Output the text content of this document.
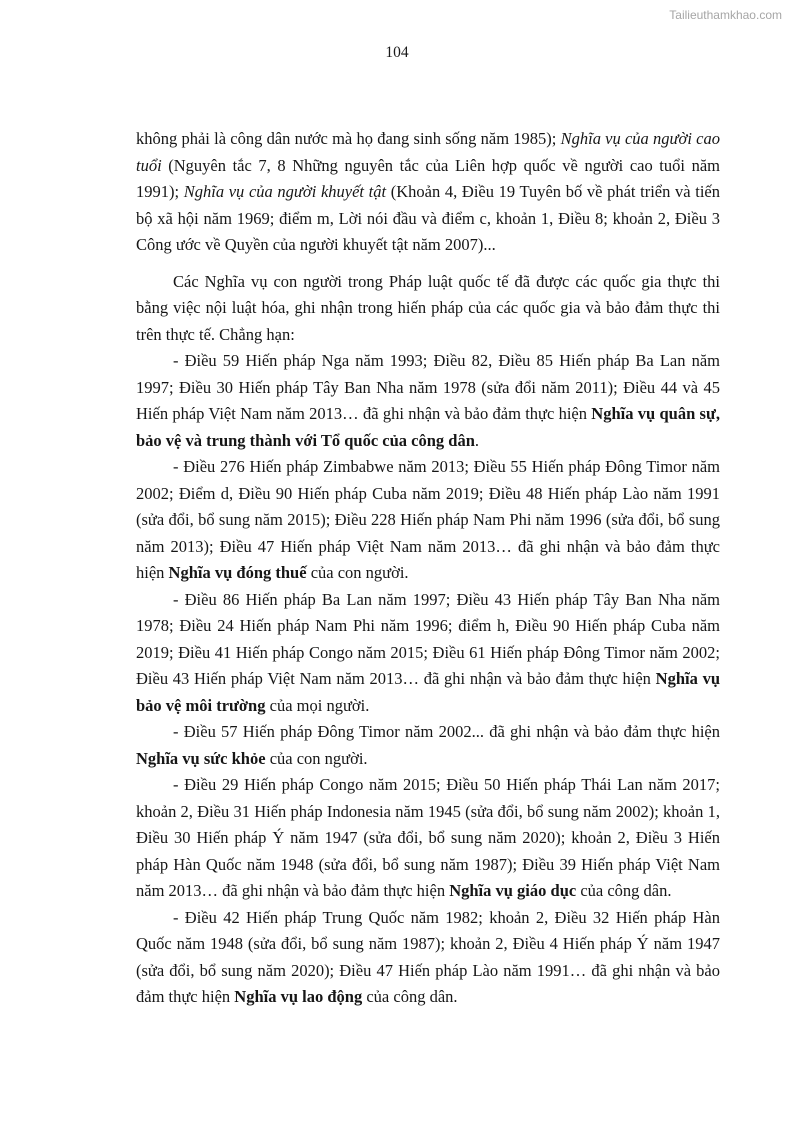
Tailieuthamkhao.com
104

không phải là công dân nước mà họ đang sinh sống năm 1985); Nghĩa vụ của người cao tuổi (Nguyên tắc 7, 8 Những nguyên tắc của Liên hợp quốc về người cao tuổi năm 1991); Nghĩa vụ của người khuyết tật (Khoản 4, Điều 19 Tuyên bố về phát triển và tiến bộ xã hội năm 1969; điểm m, Lời nói đầu và điểm c, khoản 1, Điều 8; khoản 2, Điều 3 Công ước về Quyền của người khuyết tật năm 2007)...

Các Nghĩa vụ con người trong Pháp luật quốc tế đã được các quốc gia thực thi bằng việc nội luật hóa, ghi nhận trong hiến pháp của các quốc gia và bảo đảm thực thi trên thực tế. Chẳng hạn:

- Điều 59 Hiến pháp Nga năm 1993; Điều 82, Điều 85 Hiến pháp Ba Lan năm 1997; Điều 30 Hiến pháp Tây Ban Nha năm 1978 (sửa đổi năm 2011); Điều 44 và 45 Hiến pháp Việt Nam năm 2013… đã ghi nhận và bảo đảm thực hiện Nghĩa vụ quân sự, bảo vệ và trung thành với Tổ quốc của công dân.

- Điều 276 Hiến pháp Zimbabwe năm 2013; Điều 55 Hiến pháp Đông Timor năm 2002; Điểm d, Điều 90 Hiến pháp Cuba năm 2019; Điều 48 Hiến pháp Lào năm 1991 (sửa đổi, bổ sung năm 2015); Điều 228 Hiến pháp Nam Phi năm 1996 (sửa đổi, bổ sung năm 2013); Điều 47 Hiến pháp Việt Nam năm 2013… đã ghi nhận và bảo đảm thực hiện Nghĩa vụ đóng thuế của con người.

- Điều 86 Hiến pháp Ba Lan năm 1997; Điều 43 Hiến pháp Tây Ban Nha năm 1978; Điều 24 Hiến pháp Nam Phi năm 1996; điểm h, Điều 90 Hiến pháp Cuba năm 2019; Điều 41 Hiến pháp Congo năm 2015; Điều 61 Hiến pháp Đông Timor năm 2002; Điều 43 Hiến pháp Việt Nam năm 2013… đã ghi nhận và bảo đảm thực hiện Nghĩa vụ bảo vệ môi trường của mọi người.

- Điều 57 Hiến pháp Đông Timor năm 2002... đã ghi nhận và bảo đảm thực hiện Nghĩa vụ sức khỏe của con người.

- Điều 29 Hiến pháp Congo năm 2015; Điều 50 Hiến pháp Thái Lan năm 2017; khoản 2, Điều 31 Hiến pháp Indonesia năm 1945 (sửa đổi, bổ sung năm 2002); khoản 1, Điều 30 Hiến pháp Ý năm 1947 (sửa đổi, bổ sung năm 2020); khoản 2, Điều 3 Hiến pháp Hàn Quốc năm 1948 (sửa đổi, bổ sung năm 1987); Điều 39 Hiến pháp Việt Nam năm 2013… đã ghi nhận và bảo đảm thực hiện Nghĩa vụ giáo dục của công dân.

- Điều 42 Hiến pháp Trung Quốc năm 1982; khoản 2, Điều 32 Hiến pháp Hàn Quốc năm 1948 (sửa đổi, bổ sung năm 1987); khoản 2, Điều 4 Hiến pháp Ý năm 1947 (sửa đổi, bổ sung năm 2020); Điều 47 Hiến pháp Lào năm 1991… đã ghi nhận và bảo đảm thực hiện Nghĩa vụ lao động của công dân.
